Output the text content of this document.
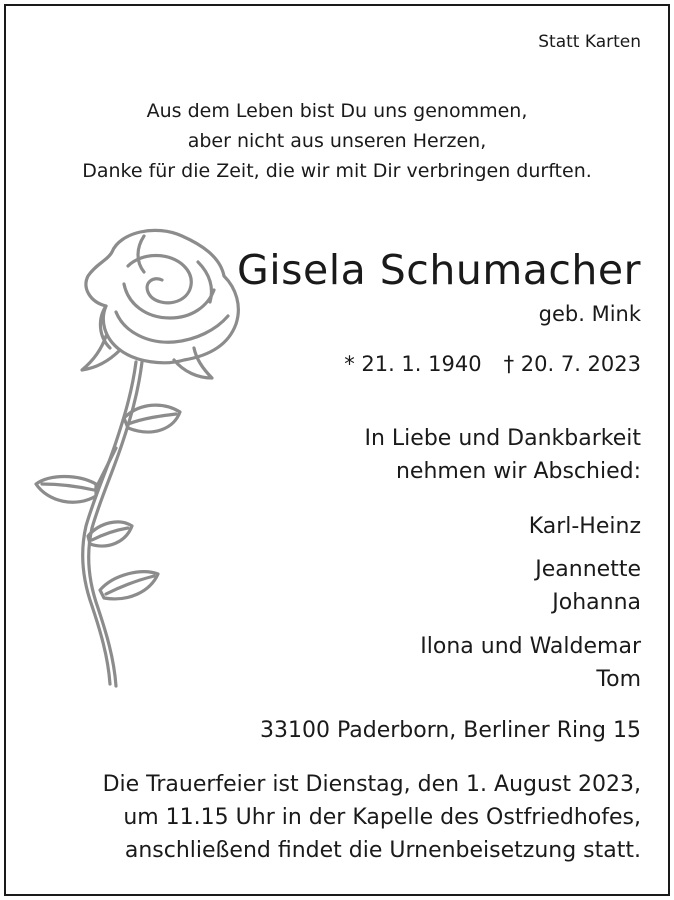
Statt Karten
Aus dem Leben bist Du uns genommen,
aber nicht aus unseren Herzen,
Danke für die Zeit, die wir mit Dir verbringen durften.
Gisela Schumacher
geb. Mink
* 21. 1. 1940 † 20. 7. 2023
In Liebe und Dankbarkeit
nehmen wir Abschied:
Karl-Heinz
Jeannette
Johanna
Ilona und Waldemar
Tom
33100 Paderborn, Berliner Ring 15
Die Trauerfeier ist Dienstag, den 1. August 2023,
um 11.15 Uhr in der Kapelle des Ostfriedhofes,
anschließend findet die Urnenbeisetzung statt.
